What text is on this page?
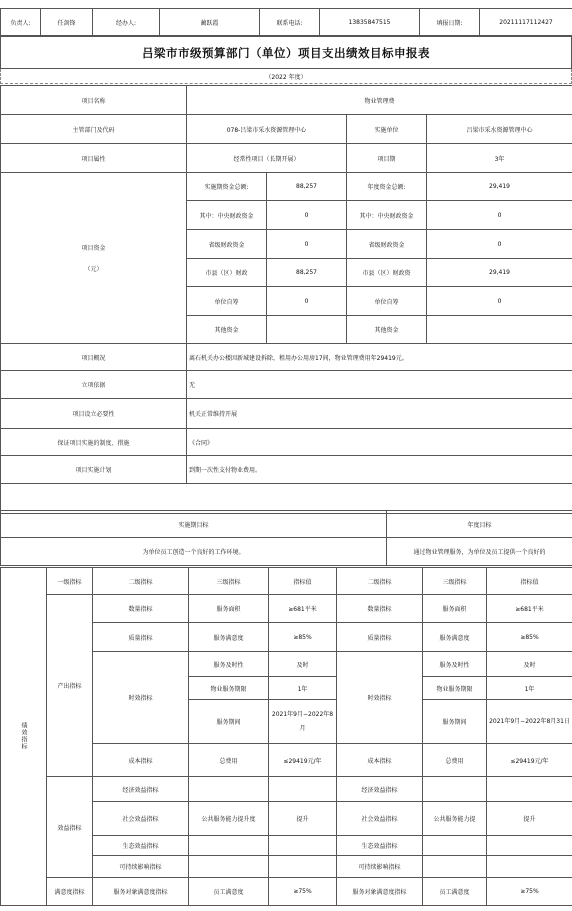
负责人:	任剑锋	经办人:	蔺跃霞	联系电话:	13835847515	填报日期:	20211117112427
吕梁市市级预算部门（单位）项目支出绩效目标申报表
（2022 年度）
项目名称	物业管理费			
主管部门及代码	078-吕梁市采水资源管理中心		实施单位	吕梁市采水资源管理中心
项目属性	经常性项目（长期开展）		项目期	3年

项目资金
（元）	实施期资金总额:	88,257	年度资金总额:	29,419
	其中：中央财政资金	0	其中：中央财政资金	0
	省级财政资金	0	省级财政资金	0
	市县（区）财政	88,257	市县（区）财政资	29,419
	单位自筹	0	单位自筹	0
	其他资金		其他资金	
项目概况	离石机关办公楼因新城建设拆除，租用办公用房17间，物业管理费用年29419元。			
立项依据	无			
项目设立必要性	机关正常维持开展			
保证项目实施的制度、措施	《合同》			
项目实施计划	到期一次性支付物业费用。			

实施期目标	年度目标
为单位员工创造一个良好的工作环境。	通过物业管理服务，为单位及员工提供一个良好的
绩效指标	一级指标	二级指标	三级指标	指标值	二级指标	三级指标	指标值
	产出指标	数量指标	服务面积	≥681平米	数量指标	服务面积	≥681平米
		质量指标	服务满意度	≥85%	质量指标	服务满意度	≥85%
		时效指标	服务及时性	及时	时效指标	服务及时性	及时
			物业服务期限	1年		物业服务期限	1年
			服务期间	2021年9月−2022年8月		服务期间	2021年9月−2022年8月31日
		成本指标	总费用	≤29419元/年	成本指标	总费用	≤29419元/年
	效益指标	经济效益指标			经济效益指标		
		社会效益指标	公共服务能力提升度	提升	社会效益指标	公共服务能力提	提升
		生态效益指标			生态效益指标		
		可持续影响指标			可持续影响指标		
	满意度指标	服务对象满意度指标	员工满意度	≥75%	服务对象满意度指标	员工满意度	≥75%
